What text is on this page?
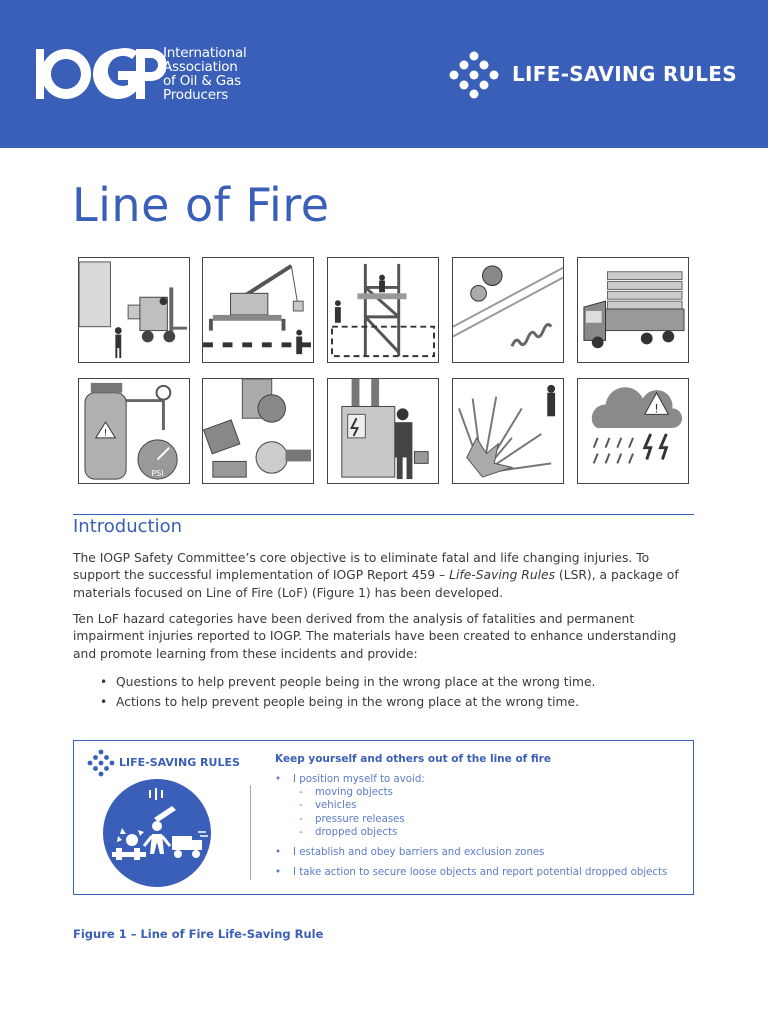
International
Association
of Oil & Gas
Producers
LIFE-SAVING RULES
Line of Fire
!
PSI
!
Introduction

The IOGP Safety Committee’s core objective is to eliminate fatal and life changing injuries. To support the successful implementation of IOGP Report 459 – Life-Saving Rules (LSR), a package of materials focused on Line of Fire (LoF) (Figure 1) has been developed.

Ten LoF hazard categories have been derived from the analysis of fatalities and permanent impairment injuries reported to IOGP. The materials have been created to enhance understanding and promote learning from these incidents and provide:

• Questions to help prevent people being in the wrong place at the wrong time.
• Actions to help prevent people being in the wrong place at the wrong time.
LIFE-SAVING RULES	Keep yourself and others out of the line of fire
• I position myself to avoid:
- moving objects
- vehicles
- pressure releases
- dropped objects
• I establish and obey barriers and exclusion zones
• I take action to secure loose objects and report potential dropped objects

Figure 1 – Line of Fire Life-Saving Rule
